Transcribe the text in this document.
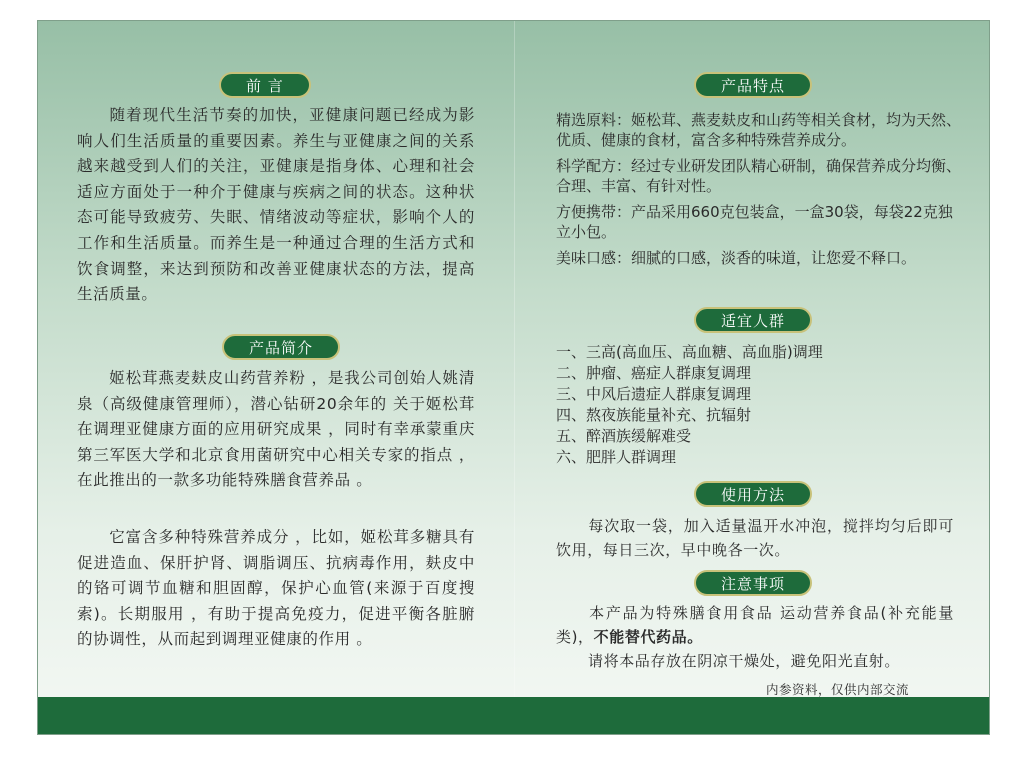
前 言

随着现代生活节奏的加快，亚健康问题已经成为影响人们生活质量的重要因素。养生与亚健康之间的关系越来越受到人们的关注，亚健康是指身体、心理和社会适应方面处于一种介于健康与疾病之间的状态。这种状态可能导致疲劳、失眠、情绪波动等症状，影响个人的工作和生活质量。而养生是一种通过合理的生活方式和饮食调整，来达到预防和改善亚健康状态的方法，提高生活质量。

产品简介

姬松茸燕麦麸皮山药营养粉 ，是我公司创始人姚清泉（高级健康管理师），潜心钻研20余年的 关于姬松茸在调理亚健康方面的应用研究成果 ，同时有幸承蒙重庆第三军医大学和北京食用菌研究中心相关专家的指点 ，在此推出的一款多功能特殊膳食营养品 。

它富含多种特殊营养成分 ，比如，姬松茸多糖具有促进造血、保肝护肾、调脂调压、抗病毒作用，麸皮中的铬可调节血糖和胆固醇，保护心血管(来源于百度搜索)。长期服用 ，有助于提高免疫力，促进平衡各脏腑的协调性，从而起到调理亚健康的作用 。

产品特点
精选原料：姬松茸、燕麦麸皮和山药等相关食材，均为天然、优质、健康的食材，富含多种特殊营养成分。
科学配方：经过专业研发团队精心研制，确保营养成分均衡、合理、丰富、有针对性。
方便携带：产品采用660克包装盒，一盒30袋，每袋22克独立小包。
美味口感：细腻的口感，淡香的味道，让您爱不释口。
适宜人群
一、三高(高血压、高血糖、高血脂)调理
二、肿瘤、癌症人群康复调理
三、中风后遗症人群康复调理
四、熬夜族能量补充、抗辐射
五、醉酒族缓解难受
六、肥胖人群调理
使用方法

每次取一袋，加入适量温开水冲泡，搅拌均匀后即可饮用，每日三次，早中晚各一次。

注意事项

本产品为特殊膳食用食品 运动营养食品(补充能量类)，不能替代药品。

请将本品存放在阴凉干燥处，避免阳光直射。

内参资料，仅供内部交流
